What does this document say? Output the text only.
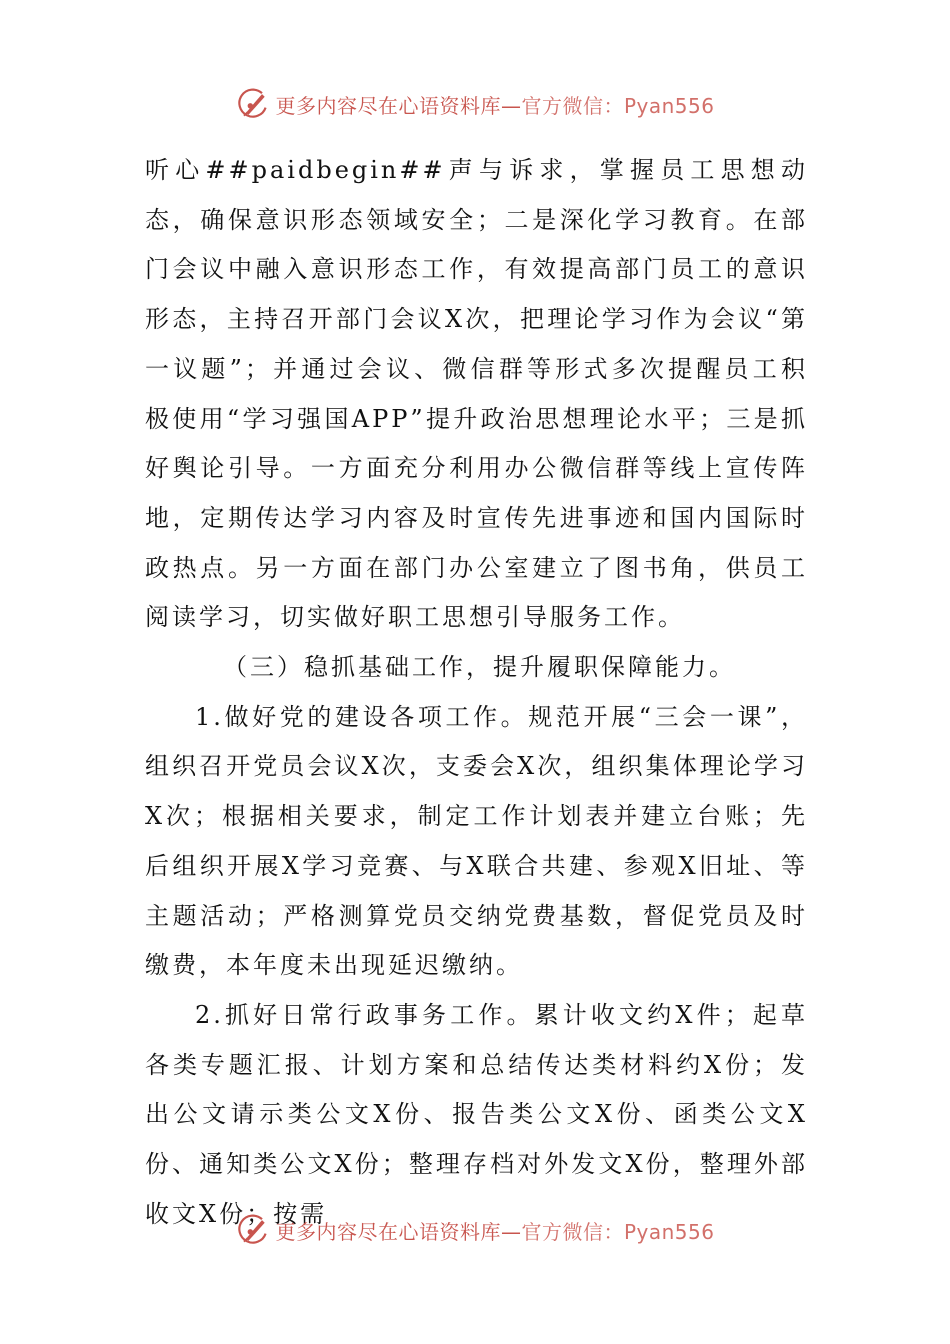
更多内容尽在心语资料库—官方微信：Pyan556

听心##paidbegin##声与诉求，掌握员工思想动态，确保意识形态领域安全；二是深化学习教育。在部门会议中融入意识形态工作，有效提高部门员工的意识形态，主持召开部门会议X次，把理论学习作为会议“第一议题”；并通过会议、微信群等形式多次提醒员工积极使用“学习强国APP”提升政治思想理论水平；三是抓好舆论引导。一方面充分利用办公微信群等线上宣传阵地，定期传达学习内容及时宣传先进事迹和国内国际时政热点。另一方面在部门办公室建立了图书角，供员工阅读学习，切实做好职工思想引导服务工作。

（三）稳抓基础工作，提升履职保障能力。

1.做好党的建设各项工作。规范开展“三会一课”，组织召开党员会议X次，支委会X次，组织集体理论学习X次；根据相关要求，制定工作计划表并建立台账；先后组织开展X学习竞赛、与X联合共建、参观X旧址、等主题活动；严格测算党员交纳党费基数，督促党员及时缴费，本年度未出现延迟缴纳。

2.抓好日常行政事务工作。累计收文约X件；起草各类专题汇报、计划方案和总结传达类材料约X份；发出公文请示类公文X份、报告类公文X份、函类公文X份、通知类公文X份；整理存档对外发文X份，整理外部收文X份；按需

更多内容尽在心语资料库—官方微信：Pyan556
